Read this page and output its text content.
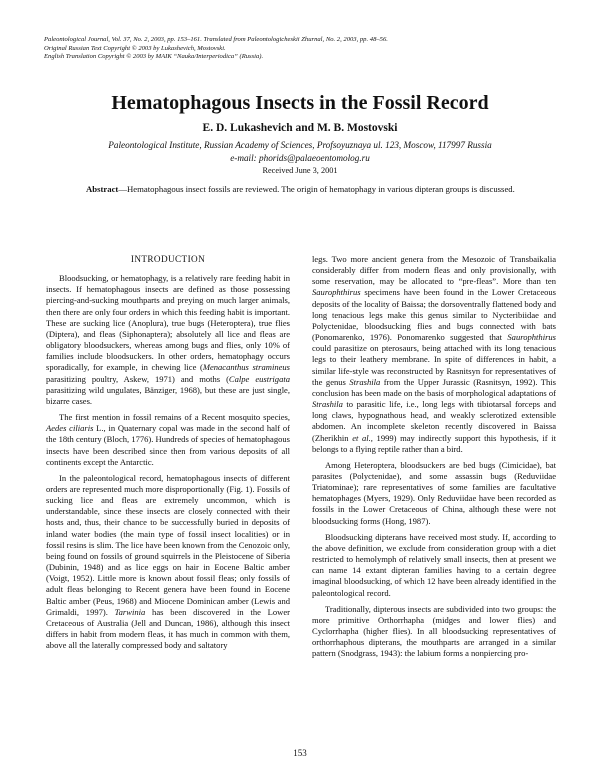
Paleontological Journal, Vol. 37, No. 2, 2003, pp. 153–161. Translated from Paleontologicheskii Zhurnal, No. 2, 2003, pp. 48–56.
Original Russian Text Copyright © 2003 by Lukashevich, Mostovski.
English Translation Copyright © 2003 by MAIK “Nauka/Interperiodica” (Russia).
Hematophagous Insects in the Fossil Record
E. D. Lukashevich and M. B. Mostovski
Paleontological Institute, Russian Academy of Sciences, Profsoyuznaya ul. 123, Moscow, 117997 Russia
e-mail: phorids@palaeoentomolog.ru
Received June 3, 2001
Abstract—Hematophagous insect fossils are reviewed. The origin of hematophagy in various dipteran groups is discussed.
INTRODUCTION

Bloodsucking, or hematophagy, is a relatively rare feeding habit in insects. If hematophagous insects are defined as those possessing piercing-and-sucking mouthparts and preying on much larger animals, then there are only four orders in which this feeding habit is important. These are sucking lice (Anoplura), true bugs (Heteroptera), true flies (Diptera), and fleas (Siphonaptera); absolutely all lice and fleas are obligatory bloodsuckers, whereas among bugs and flies, only 10% of families include bloodsuckers. In other orders, hematophagy occurs sporadically, for example, in chewing lice (Menacanthus stramineus parasitizing poultry, Askew, 1971) and moths (Calpe eustrigata parasitizing wild ungulates, Bänziger, 1968), but these are just single, bizarre cases.

The first mention in fossil remains of a Recent mosquito species, Aedes ciliaris L., in Quaternary copal was made in the second half of the 18th century (Bloch, 1776). Hundreds of species of hematophagous insects have been described since then from various deposits of all continents except the Antarctic.

In the paleontological record, hematophagous insects of different orders are represented much more disproportionally (Fig. 1). Fossils of sucking lice and fleas are extremely uncommon, which is understandable, since these insects are closely connected with their hosts and, thus, their chance to be successfully buried in deposits of inland water bodies (the main type of fossil insect localities) or in fossil resins is slim. The lice have been known from the Cenozoic only, being found on fossils of ground squirrels in the Pleistocene of Siberia (Dubinin, 1948) and as lice eggs on hair in Eocene Baltic amber (Voigt, 1952). Little more is known about fossil fleas; only fossils of adult fleas belonging to Recent genera have been found in Eocene Baltic amber (Peus, 1968) and Miocene Dominican amber (Lewis and Grimaldi, 1997). Tarwinia has been discovered in the Lower Cretaceous of Australia (Jell and Duncan, 1986), although this insect differs in habit from modern fleas, it has much in common with them, above all the laterally compressed body and saltatory

legs. Two more ancient genera from the Mesozoic of Transbaikalia considerably differ from modern fleas and only provisionally, with some reservation, may be allocated to “pre-fleas”. More than ten Saurophthirus specimens have been found in the Lower Cretaceous deposits of the locality of Baissa; the dorsoventrally flattened body and long tenacious legs make this genus similar to Nycteribiidae and Polyctenidae, bloodsucking flies and bugs connected with bats (Ponomarenko, 1976). Ponomarenko suggested that Saurophthirus could parasitize on pterosaurs, being attached with its long tenacious legs to their leathery membrane. In spite of differences in habit, a similar life-style was reconstructed by Rasnitsyn for representatives of the genus Strashila from the Upper Jurassic (Rasnitsyn, 1992). This conclusion has been made on the basis of morphological adaptations of Strashila to parasitic life, i.e., long legs with tibiotarsal forceps and long claws, hypognathous head, and weakly sclerotized extensible abdomen. An incomplete skeleton recently discovered in Baissa (Zherikhin et al., 1999) may indirectly support this hypothesis, if it belongs to a flying reptile rather than a bird.

Among Heteroptera, bloodsuckers are bed bugs (Cimicidae), bat parasites (Polyctenidae), and some assassin bugs (Reduviidae Triatominae); rare representatives of some families are facultative hematophages (Myers, 1929). Only Reduviidae have been recorded as fossils in the Lower Cretaceous of China, although these were not bloodsucking forms (Hong, 1987).

Bloodsucking dipterans have received most study. If, according to the above definition, we exclude from consideration group with a diet restricted to hemolymph of relatively small insects, then at present we can name 14 extant dipteran families having to a certain degree imaginal bloodsucking, of which 12 have been already identified in the paleontological record.

Traditionally, dipterous insects are subdivided into two groups: the more primitive Orthorrhapha (midges and lower flies) and Cyclorrhapha (higher flies). In all bloodsucking representatives of orthorrhaphous dipterans, the mouthparts are arranged in a similar pattern (Snodgrass, 1943): the labium forms a nonpiercing pro-

153
